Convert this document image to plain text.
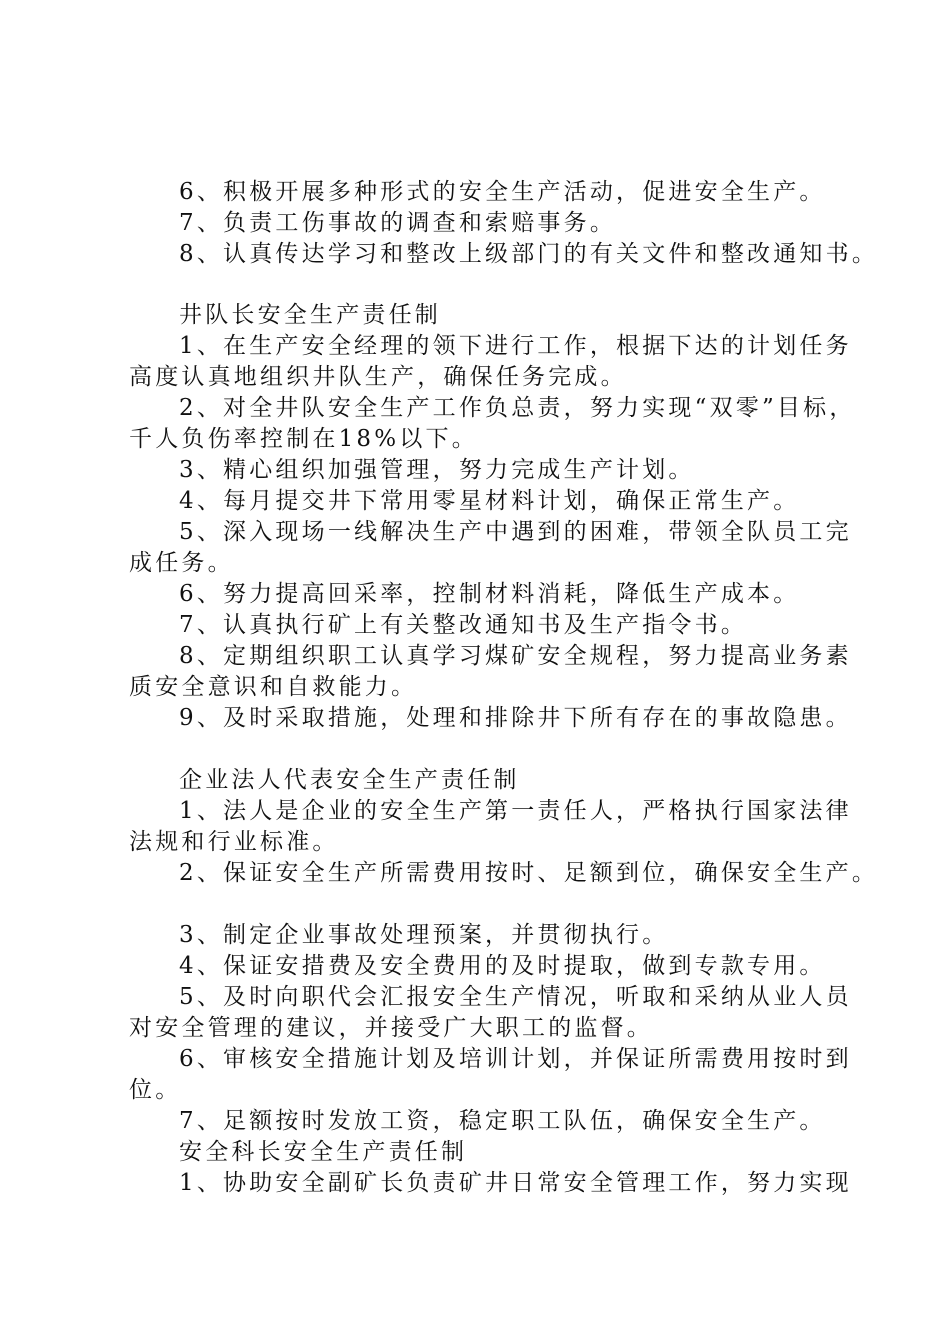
6、积极开展多种形式的安全生产活动，促进安全生产。
7、负责工伤事故的调查和索赔事务。
8、认真传达学习和整改上级部门的有关文件和整改通知书。
井队长安全生产责任制
1、在生产安全经理的领下进行工作，根据下达的计划任务
高度认真地组织井队生产，确保任务完成。
2、对全井队安全生产工作负总责，努力实现“双零”目标，
千人负伤率控制在18%以下。
3、精心组织加强管理，努力完成生产计划。
4、每月提交井下常用零星材料计划，确保正常生产。
5、深入现场一线解决生产中遇到的困难，带领全队员工完
成任务。
6、努力提高回采率，控制材料消耗，降低生产成本。
7、认真执行矿上有关整改通知书及生产指令书。
8、定期组织职工认真学习煤矿安全规程，努力提高业务素
质安全意识和自救能力。
9、及时采取措施，处理和排除井下所有存在的事故隐患。
企业法人代表安全生产责任制
1、法人是企业的安全生产第一责任人，严格执行国家法律
法规和行业标准。
2、保证安全生产所需费用按时、足额到位，确保安全生产。
3、制定企业事故处理预案，并贯彻执行。
4、保证安措费及安全费用的及时提取，做到专款专用。
5、及时向职代会汇报安全生产情况，听取和采纳从业人员
对安全管理的建议，并接受广大职工的监督。
6、审核安全措施计划及培训计划，并保证所需费用按时到
位。
7、足额按时发放工资，稳定职工队伍，确保安全生产。
安全科长安全生产责任制
1、协助安全副矿长负责矿井日常安全管理工作，努力实现
